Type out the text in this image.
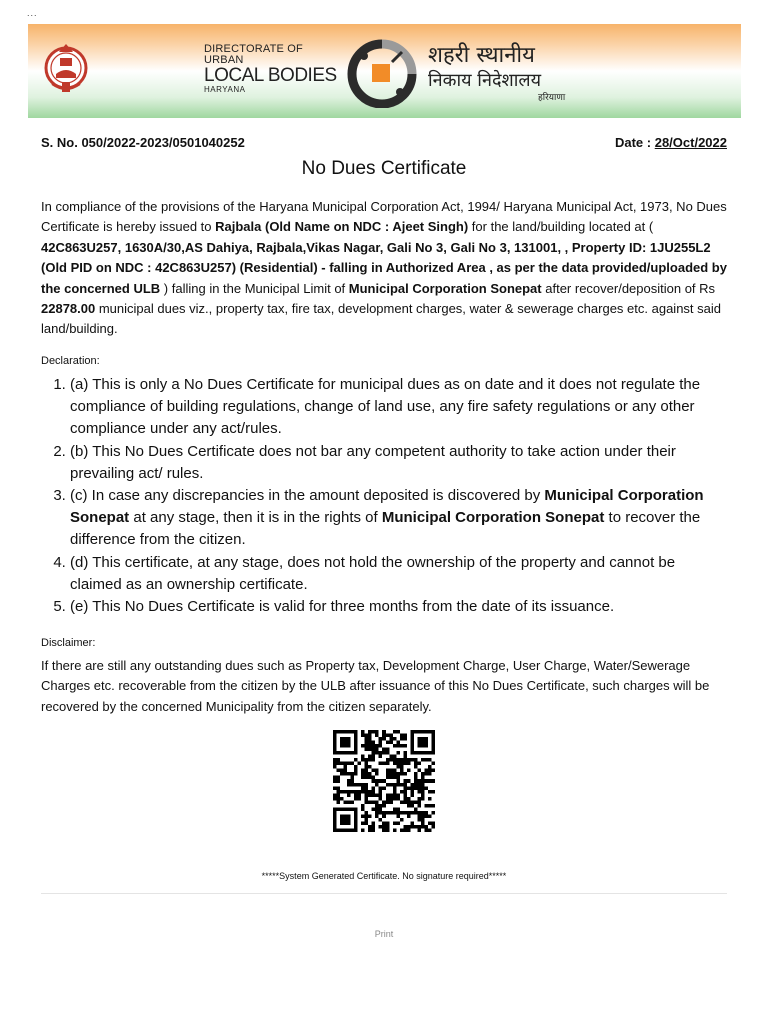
...
DIRECTORATE OF URBAN
LOCAL BODIES
HARYANA
शहरी स्थानीय
निकाय निदेशालय
हरियाणा
S. No. 050/2022-2023/0501040252	Date : 28/Oct/2022
No Dues Certificate
In compliance of the provisions of the Haryana Municipal Corporation Act, 1994/ Haryana Municipal Act, 1973, No Dues Certificate is hereby issued to Rajbala (Old Name on NDC : Ajeet Singh) for the land/building located at ( 42C863U257, 1630A/30,AS Dahiya, Rajbala,Vikas Nagar, Gali No 3, Gali No 3, 131001, , Property ID: 1JU255L2 (Old PID on NDC : 42C863U257) (Residential) - falling in Authorized Area , as per the data provided/uploaded by the concerned ULB ) falling in the Municipal Limit of Municipal Corporation Sonepat after recover/deposition of Rs 22878.00 municipal dues viz., property tax, fire tax, development charges, water & sewerage charges etc. against said land/building.
Declaration:
1. (a) This is only a No Dues Certificate for municipal dues as on date and it does not regulate the compliance of building regulations, change of land use, any fire safety regulations or any other compliance under any act/rules.
2. (b) This No Dues Certificate does not bar any competent authority to take action under their prevailing act/ rules.
3. (c) In case any discrepancies in the amount deposited is discovered by Municipal Corporation Sonepat at any stage, then it is in the rights of Municipal Corporation Sonepat to recover the difference from the citizen.
4. (d) This certificate, at any stage, does not hold the ownership of the property and cannot be claimed as an ownership certificate.
5. (e) This No Dues Certificate is valid for three months from the date of its issuance.
Disclaimer:
If there are still any outstanding dues such as Property tax, Development Charge, User Charge, Water/Sewerage Charges etc. recoverable from the citizen by the ULB after issuance of this No Dues Certificate, such charges will be recovered by the concerned Municipality from the citizen separately.
*****System Generated Certificate. No signature required*****
Print
